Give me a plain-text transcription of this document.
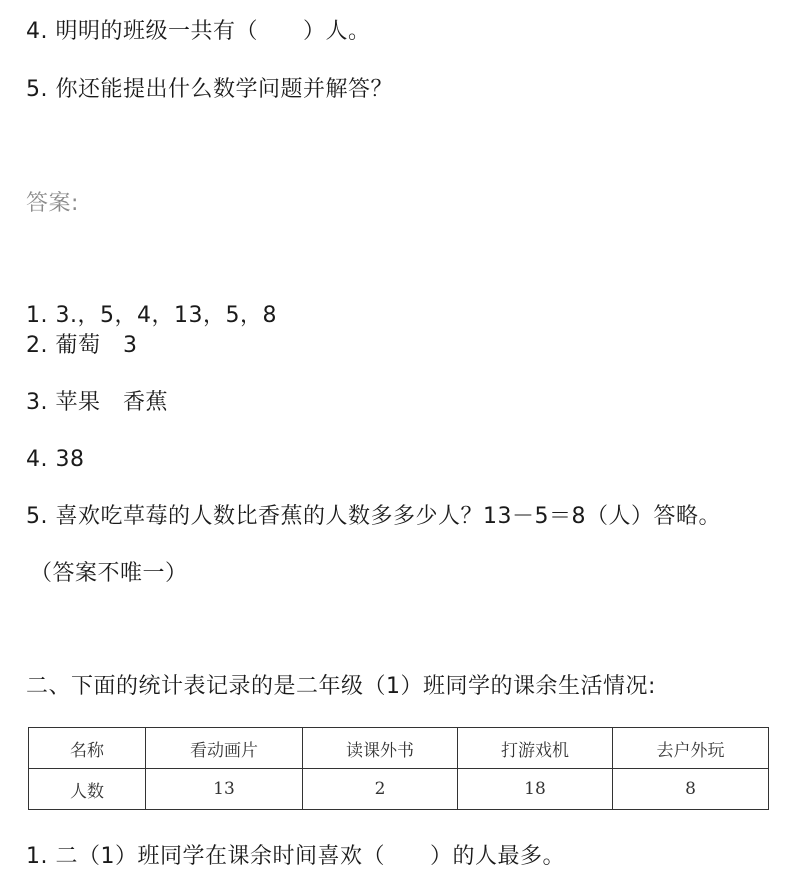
4. 明明的班级一共有（　　）人。
5. 你还能提出什么数学问题并解答？
答案:
1. 3.，5，4，13，5，8
2. 葡萄　3
3. 苹果　香蕉
4. 38
5. 喜欢吃草莓的人数比香蕉的人数多多少人？13－5＝8（人）答略。
（答案不唯一）
二、下面的统计表记录的是二年级（1）班同学的课余生活情况:
名称	看动画片	读课外书	打游戏机	去户外玩
人数	13	2	18	8
1. 二（1）班同学在课余时间喜欢（　　）的人最多。
